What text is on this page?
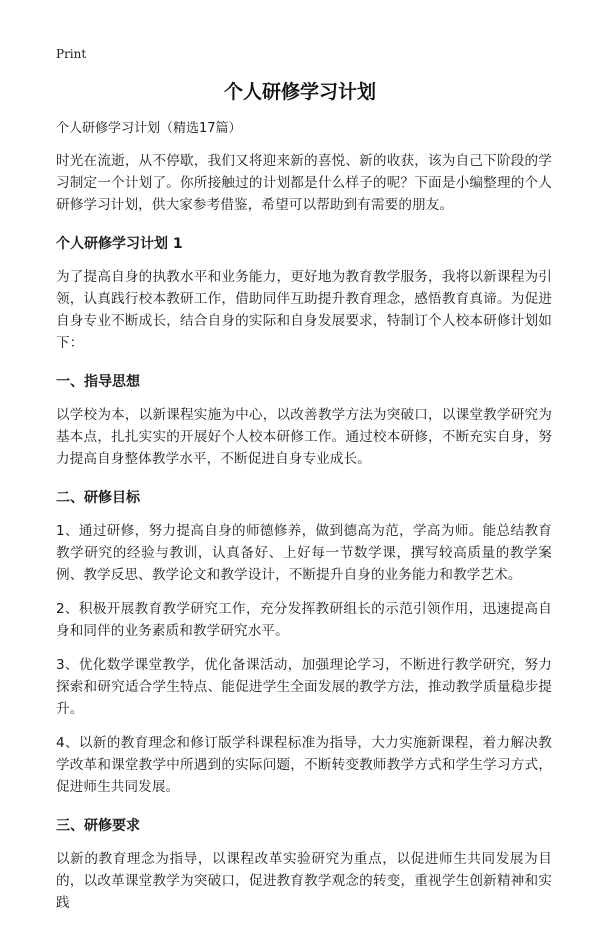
Print
个人研修学习计划
个人研修学习计划（精选17篇）

时光在流逝，从不停歇，我们又将迎来新的喜悦、新的收获，该为自己下阶段的学习制定一个计划了。你所接触过的计划都是什么样子的呢？下面是小编整理的个人研修学习计划，供大家参考借鉴，希望可以帮助到有需要的朋友。

个人研修学习计划 1

为了提高自身的执教水平和业务能力，更好地为教育教学服务，我将以新课程为引领，认真践行校本教研工作，借助同伴互助提升教育理念，感悟教育真谛。为促进自身专业不断成长，结合自身的实际和自身发展要求，特制订个人校本研修计划如下：

一、指导思想

以学校为本，以新课程实施为中心，以改善教学方法为突破口，以课堂教学研究为基本点，扎扎实实的开展好个人校本研修工作。通过校本研修，不断充实自身，努力提高自身整体教学水平，不断促进自身专业成长。

二、研修目标

1、通过研修，努力提高自身的师德修养，做到德高为范，学高为师。能总结教育教学研究的经验与教训，认真备好、上好每一节数学课，撰写较高质量的教学案例、教学反思、教学论文和教学设计，不断提升自身的业务能力和教学艺术。

2、积极开展教育教学研究工作，充分发挥教研组长的示范引领作用，迅速提高自身和同伴的业务素质和教学研究水平。

3、优化数学课堂教学，优化备课活动，加强理论学习，不断进行教学研究，努力探索和研究适合学生特点、能促进学生全面发展的教学方法，推动教学质量稳步提升。

4、以新的教育理念和修订版学科课程标准为指导，大力实施新课程，着力解决教学改革和课堂教学中所遇到的实际问题，不断转变教师教学方式和学生学习方式，促进师生共同发展。

三、研修要求

以新的教育理念为指导，以课程改革实验研究为重点，以促进师生共同发展为目的，以改革课堂教学为突破口，促进教育教学观念的转变，重视学生创新精神和实践
